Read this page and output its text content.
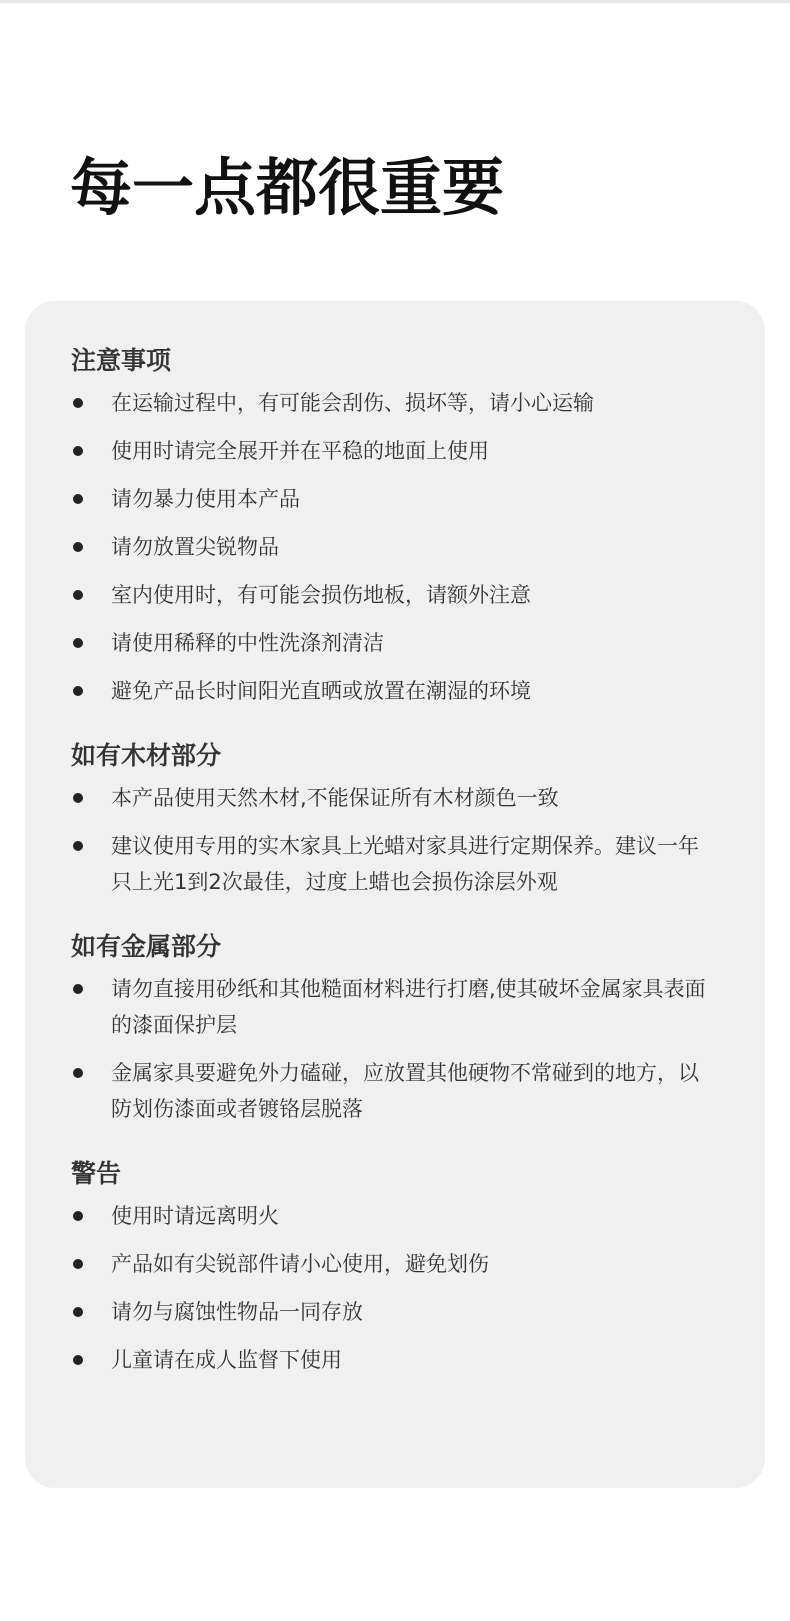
每一点都很重要
注意事项
在运输过程中，有可能会刮伤、损坏等，请小心运输
使用时请完全展开并在平稳的地面上使用
请勿暴力使用本产品
请勿放置尖锐物品
室内使用时，有可能会损伤地板，请额外注意
请使用稀释的中性洗涤剂清洁
避免产品长时间阳光直晒或放置在潮湿的环境
如有木材部分
本产品使用天然木材,不能保证所有木材颜色一致
建议使用专用的实木家具上光蜡对家具进行定期保养。建议一年只上光1到2次最佳，过度上蜡也会损伤涂层外观
如有金属部分
请勿直接用砂纸和其他糙面材料进行打磨,使其破坏金属家具表面的漆面保护层
金属家具要避免外力磕碰，应放置其他硬物不常碰到的地方，以防划伤漆面或者镀铬层脱落
警告
使用时请远离明火
产品如有尖锐部件请小心使用，避免划伤
请勿与腐蚀性物品一同存放
儿童请在成人监督下使用
